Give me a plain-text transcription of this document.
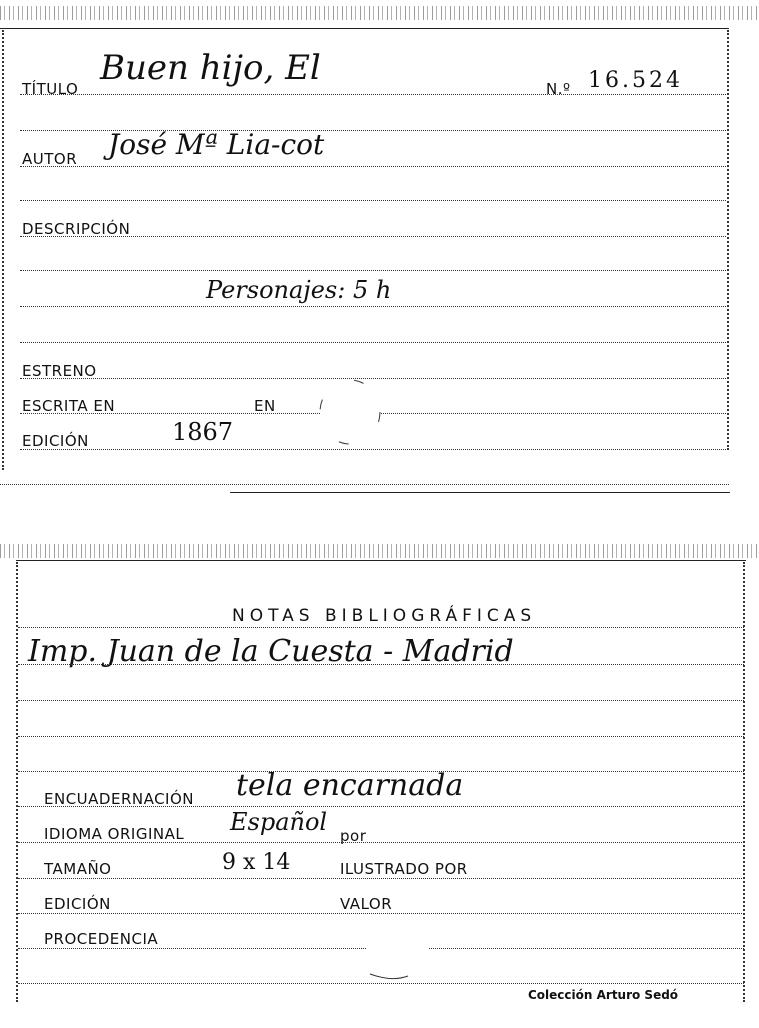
TÍTULO
Buen hijo, El
N.º 16.524
AUTOR José Mª Lia-cot
DESCRIPCIÓN
Personajes: 5 h
ESTRENO
ESCRITA EN	EN
EDICIÓN	1867
NOTAS BIBLIOGRÁFICAS
Imp. Juan de la Cuesta - Madrid
ENCUADERNACIÓN tela encarnada
IDIOMA ORIGINAL Español por
TAMAÑO	9 x 14	ILUSTRADO POR
EDICIÓN	VALOR
PROCEDENCIA
Colección Arturo Sedó
